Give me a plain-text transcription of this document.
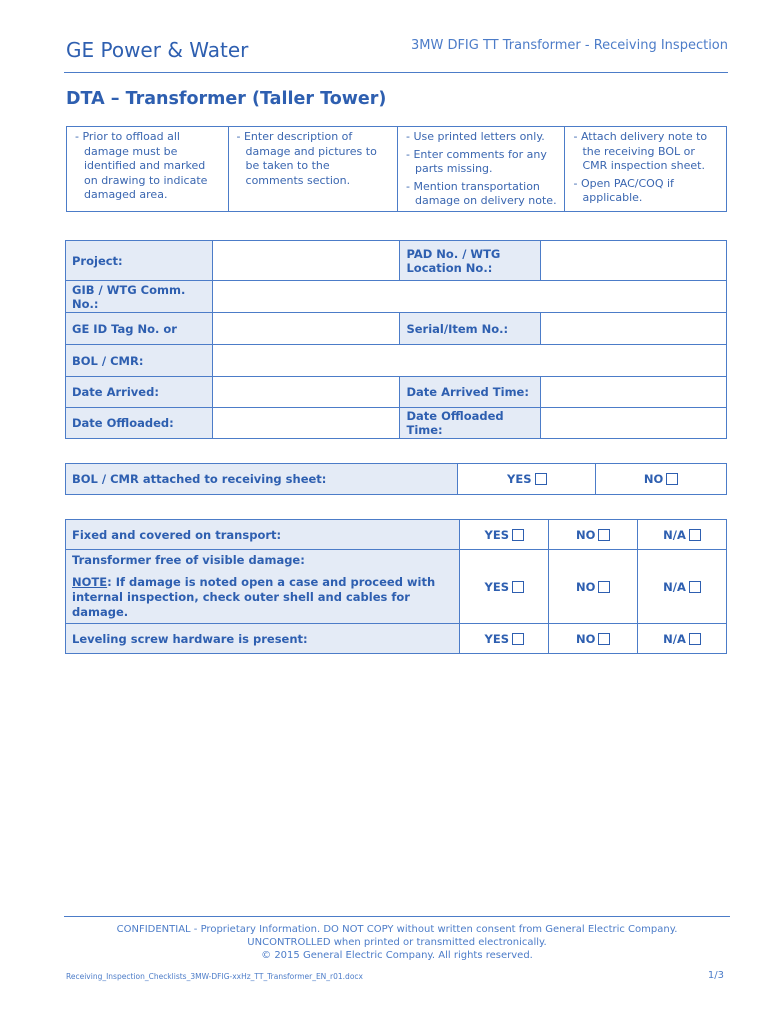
GE Power & Water	3MW DFIG TT Transformer - Receiving Inspection
DTA – Transformer (Taller Tower)
- Prior to offload all damage must be identified and marked on drawing to indicate damaged area.
- Enter description of damage and pictures to be taken to the comments section.
- Use printed letters only.
- Enter comments for any parts missing.
- Mention transportation damage on delivery note.
- Attach delivery note to the receiving BOL or CMR inspection sheet.
- Open PAC/COQ if applicable.
Project:		PAD No. / WTG Location No.:	
GIB / WTG Comm. No.:			
GE ID Tag No. or		Serial/Item No.:	
BOL / CMR:			
Date Arrived:		Date Arrived Time:	
Date Offloaded:		Date Offloaded Time:	
BOL / CMR attached to receiving sheet:	YES	NO
Fixed and covered on transport:	YES	NO	N/A

Transformer free of visible damage:
NOTE: If damage is noted open a case and proceed with internal inspection, check outer shell and cables for damage.	YES	NO	N/A
Leveling screw hardware is present:	YES	NO	N/A
CONFIDENTIAL - Proprietary Information. DO NOT COPY without written consent from General Electric Company.
UNCONTROLLED when printed or transmitted electronically.
© 2015 General Electric Company. All rights reserved.
Receiving_Inspection_Checklists_3MW-DFIG-xxHz_TT_Transformer_EN_r01.docx	1/3
